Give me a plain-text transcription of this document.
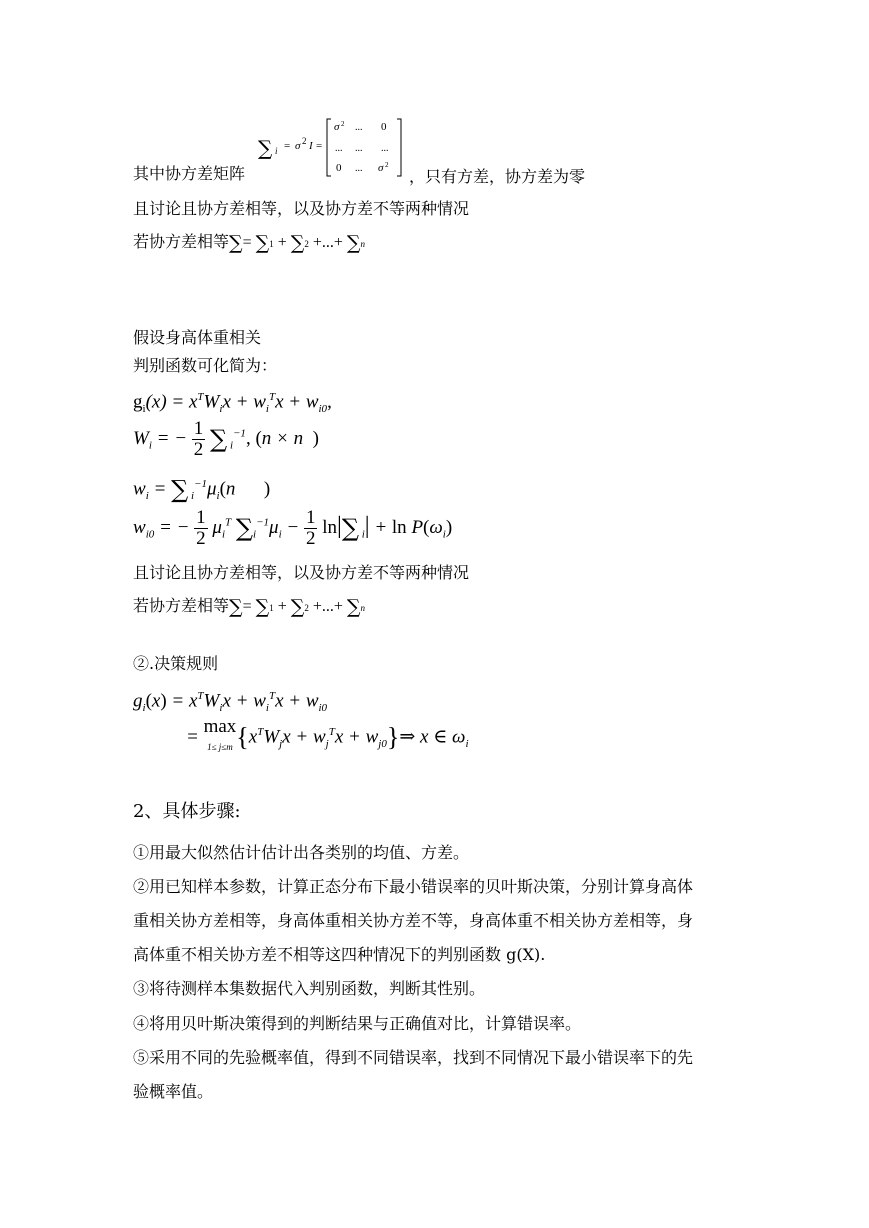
∑ i = σ 2 I =
σ 2 ... 0
... ... ...
0 ... σ 2
其中协方差矩阵	，只有方差，协方差为零
且讨论且协方差相等，以及协方差不等两种情况
若协方差相等∑= ∑1 + ∑2 +...+ ∑n
假设身高体重相关
判别函数可化简为：
$g_i(x) = x^TW_ix + w_i^Tx + w_{i0}$,
$W_i$ = − $\frac{1}{2}$ ∑ $_i^{-1}$, (n × n  )
$w_i$ = ∑ $_i^{-1}\mu_i(n$      )
$w_{i0}$ = − $\frac{1}{2} \mu_i^T$ $\sum_i^{-1}\mu_i - \frac{1}{2} \ln|\sum$ $_i| + \ln P(\omega_i)$
且讨论且协方差相等，以及协方差不等两种情况
若协方差相等∑= ∑1 + ∑2 +...+ ∑n
②.决策规则
$g_i(x) = x^TW_ix + w_i^Tx + w_{i0}$
= max
1≤ j≤m {$x^TW_jx + w_j^Tx$ + $w_{j0}\}\Rightarrow$ x ∈ $\omega_i$
2、具体步骤:
①用最大似然估计估计出各类别的均值、方差。
②用已知样本参数，计算正态分布下最小错误率的贝叶斯决策，分别计算身高体
重相关协方差相等，身高体重相关协方差不等，身高体重不相关协方差相等，身
高体重不相关协方差不相等这四种情况下的判别函数 g(X).
③将待测样本集数据代入判别函数，判断其性别。
④将用贝叶斯决策得到的判断结果与正确值对比，计算错误率。
⑤采用不同的先验概率值，得到不同错误率，找到不同情况下最小错误率下的先
验概率值。
